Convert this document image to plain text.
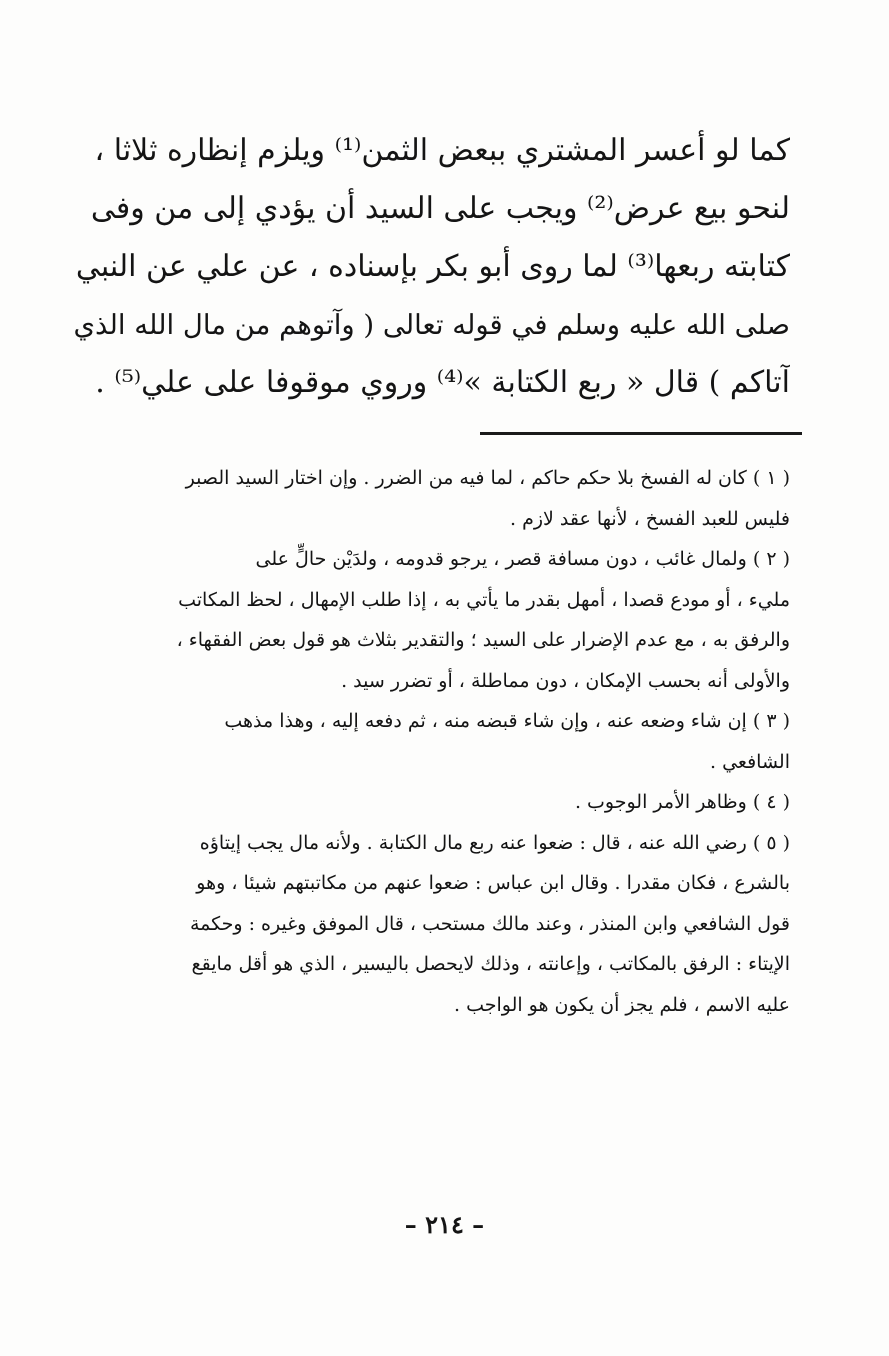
كما لو أعسر المشتري ببعض الثمن⁽¹⁾ ويلزم إنظاره ثلاثا ،
لنحو بيع عرض⁽²⁾ ويجب على السيد أن يؤدي إلى من وفى
كتابته ربعها⁽³⁾ لما روى أبو بكر بإسناده ، عن علي عن النبي
صلى الله عليه وسلم في قوله تعالى ( وآتوهم من مال الله الذي
آتاكم ) قال « ربع الكتابة »⁽⁴⁾ وروي موقوفا على علي⁽⁵⁾ .
( ١ ) كان له الفسخ بلا حكم حاكم ، لما فيه من الضرر . وإن اختار السيد الصبر
فليس للعبد الفسخ ، لأنها عقد لازم .
( ٢ ) ولمال غائب ، دون مسافة قصر ، يرجو قدومه ، ولدَيْن حالٍّ على
مليء ، أو مودع قصدا ، أمهل بقدر ما يأتي به ، إذا طلب الإمهال ، لحظ المكاتب
والرفق به ، مع عدم الإضرار على السيد ؛ والتقدير بثلاث هو قول بعض الفقهاء ،
والأولى أنه بحسب الإمكان ، دون مماطلة ، أو تضرر سيد .
( ٣ ) إن شاء وضعه عنه ، وإن شاء قبضه منه ، ثم دفعه إليه ، وهذا مذهب
الشافعي .
( ٤ ) وظاهر الأمر الوجوب .
( ٥ ) رضي الله عنه ، قال : ضعوا عنه ربع مال الكتابة . ولأنه مال يجب إيتاؤه
بالشرع ، فكان مقدرا . وقال ابن عباس : ضعوا عنهم من مكاتبتهم شيئا ، وهو
قول الشافعي وابن المنذر ، وعند مالك مستحب ، قال الموفق وغيره : وحكمة
الإيتاء : الرفق بالمكاتب ، وإعانته ، وذلك لايحصل باليسير ، الذي هو أقل مايقع
عليه الاسم ، فلم يجز أن يكون هو الواجب .
– ٢١٤ –
